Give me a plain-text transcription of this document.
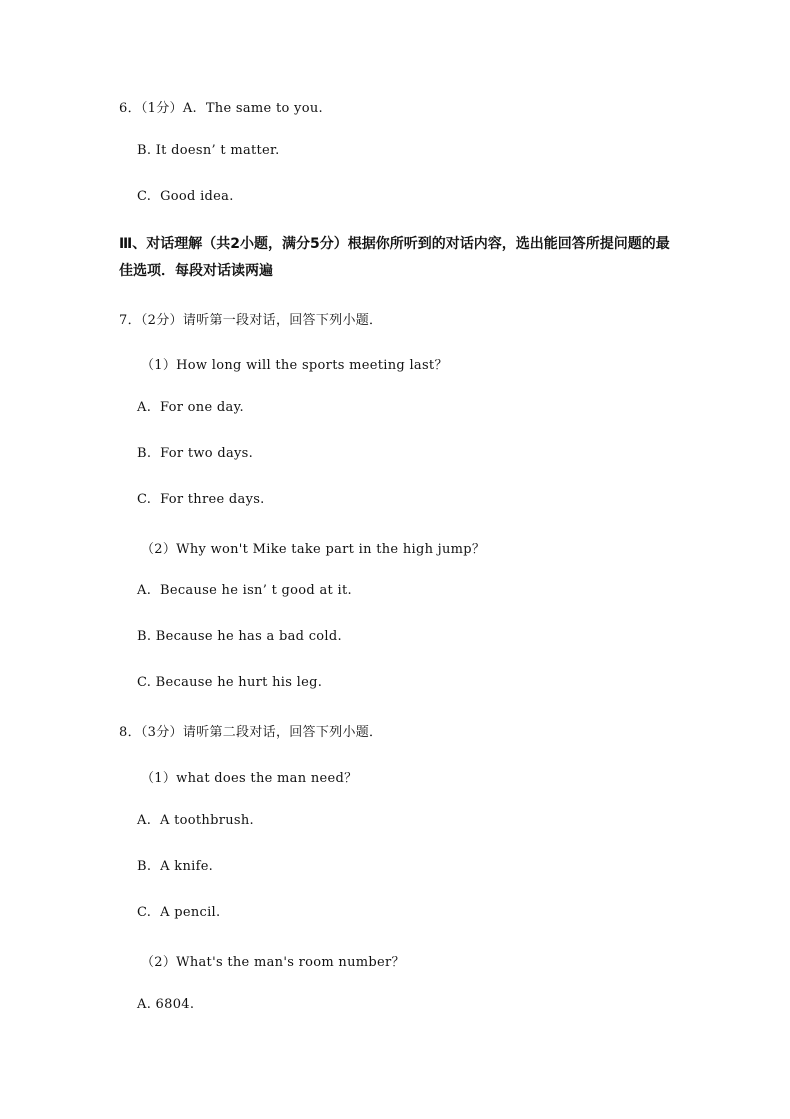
6．（1分）A.  The same to you.
B. It doesn’ t matter.
C.  Good idea.
Ⅲ、对话理解（共2小题，满分5分）根据你所听到的对话内容，选出能回答所提问题的最佳选项．每段对话读两遍
7．（2分）请听第一段对话，回答下列小题．
（1）How long will the sports meeting last？
A.  For one day.
B.  For two days.
C.  For three days.
（2）Why won't Mike take part in the high jump？
A.  Because he isn’ t good at it.
B. Because he has a bad cold.
C. Because he hurt his leg.
8．（3分）请听第二段对话，回答下列小题．
（1）what does the man need？
A.  A toothbrush.
B.  A knife.
C.  A pencil.
（2）What's the man's room number？
A. 6804.
